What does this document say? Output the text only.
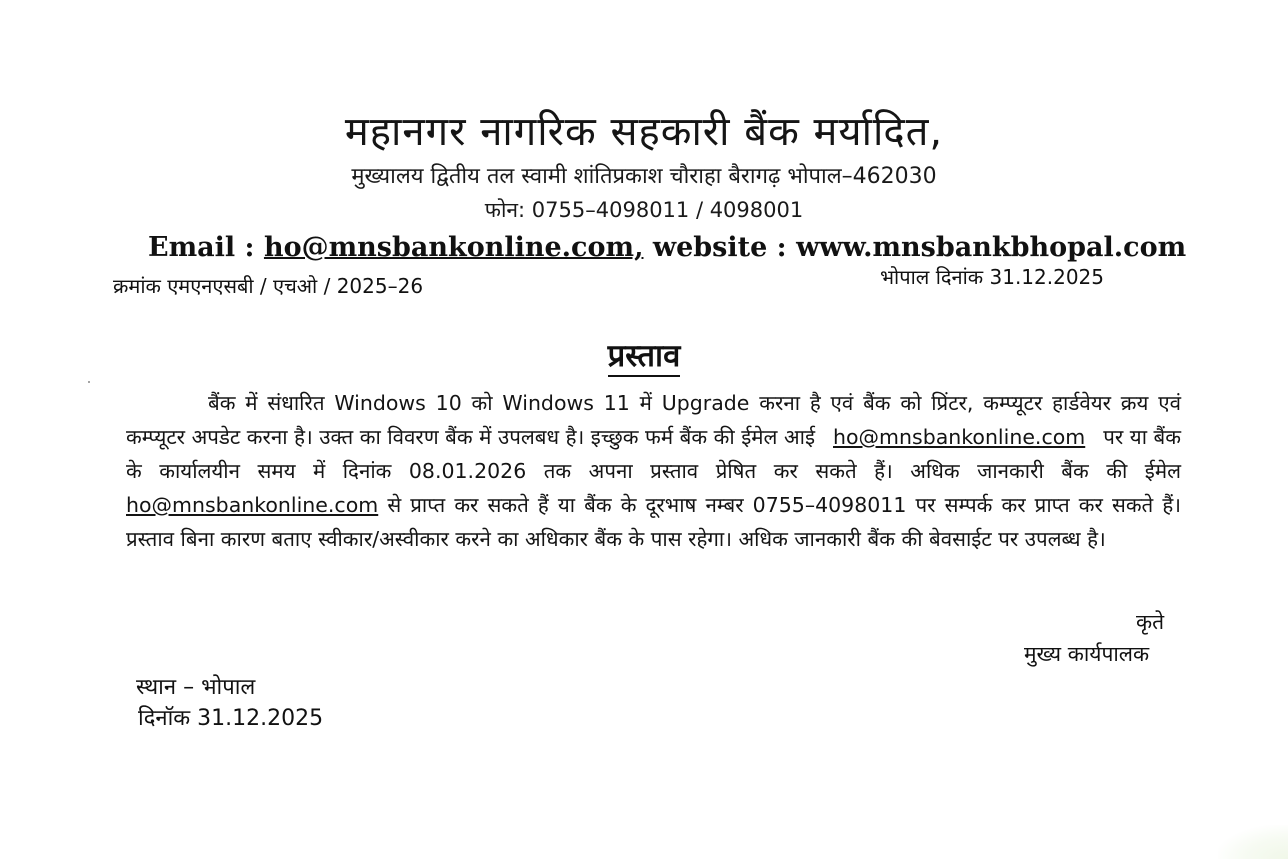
महानगर नागरिक सहकारी बैंक मर्यादित,
मुख्यालय द्वितीय तल स्वामी शांतिप्रकाश चौराहा बैरागढ़ भोपाल–462030
फोन: 0755–4098011 / 4098001
Email : ho@mnsbankonline.com, website : www.mnsbankbhopal.com
क्रमांक एमएनएसबी / एचओ / 2025–26	भोपाल दिनांक 31.12.2025
प्रस्ताव
बैंक में संधारित Windows 10 को Windows 11 में Upgrade करना है एवं बैंक को प्रिंटर, कम्प्यूटर हार्डवेयर क्रय एवं कम्प्यूटर अपडेट करना है। उक्त का विवरण बैंक में उपलबध है। इच्छुक फर्म बैंक की ईमेल आई ho@mnsbankonline.com पर या बैंक के कार्यालयीन समय में दिनांक 08.01.2026 तक अपना प्रस्ताव प्रेषित कर सकते हैं। अधिक जानकारी बैंक की ईमेल ho@mnsbankonline.com से प्राप्त कर सकते हैं या बैंक के दूरभाष नम्बर 0755–4098011 पर सम्पर्क कर प्राप्त कर सकते हैं। प्रस्ताव बिना कारण बताए स्वीकार/अस्वीकार करने का अधिकार बैंक के पास रहेगा। अधिक जानकारी बैंक की बेवसाईट पर उपलब्ध है।
कृते
मुख्य कार्यपालक
स्थान – भोपाल
दिनॉक 31.12.2025
